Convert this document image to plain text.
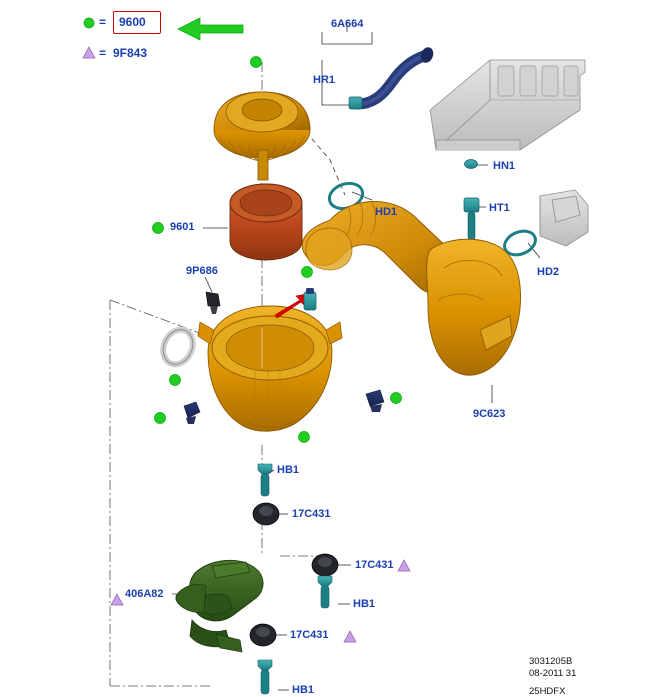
= 9600
= 9F843
6A664
HR1
HN1
HT1
HD1
HD2
9601
9P686
9C623
HB1
17C431
17C431
HB1
17C431
406A82
HB1
3031205B
08-2011 31
25HDFX
